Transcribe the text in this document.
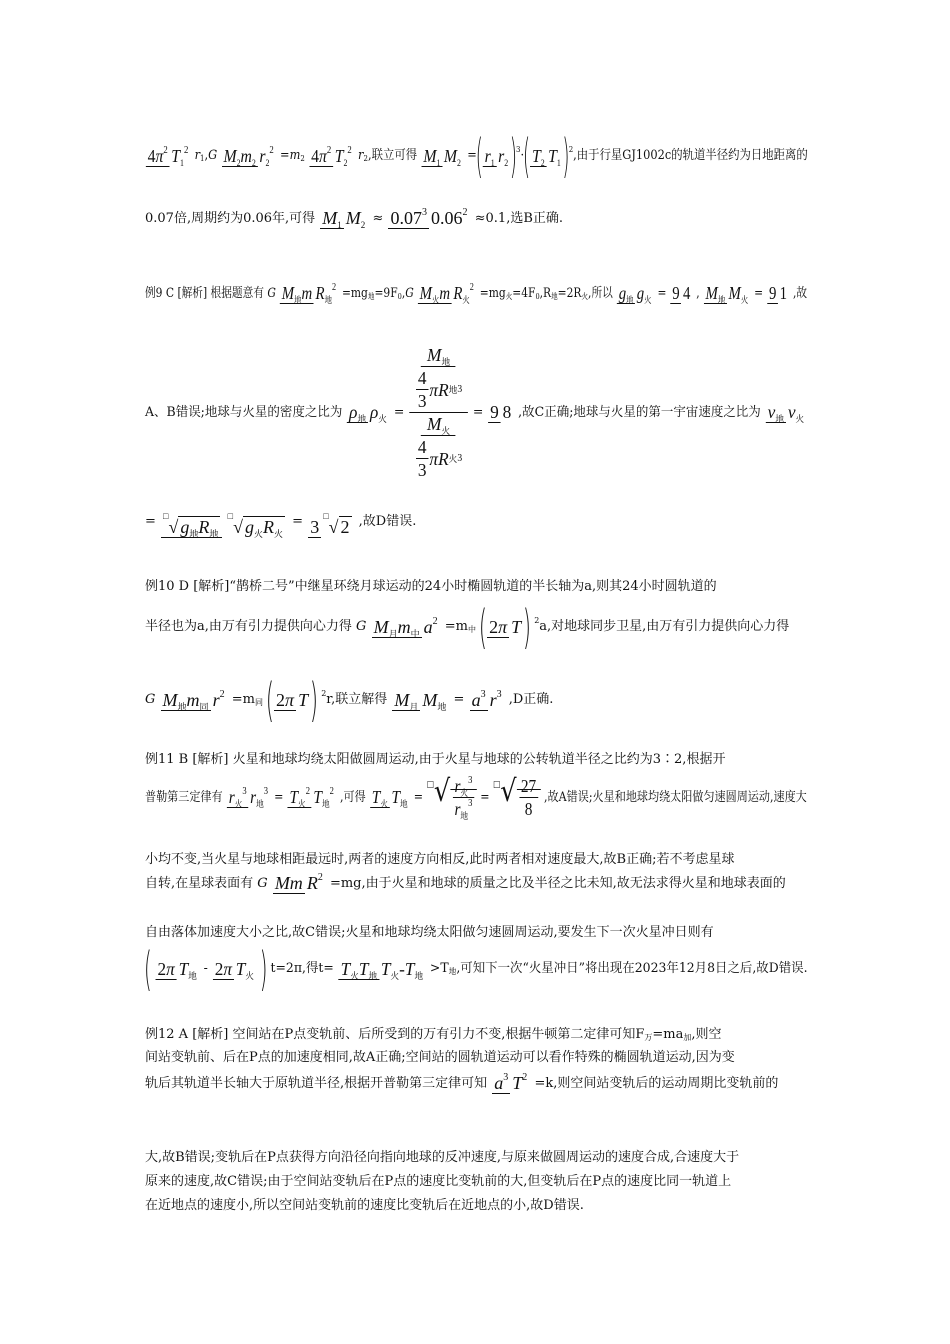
$4\pi^2$ $T_1^2$ $r_1,G$ $M_2m_2$ $r_2^2 =m_2$ $4\pi^2$ $T_2^2$ $r_2$,联立可得 $M_1$ $M_2 =(r_1$ $r_2)^3\cdot(T_2$ $T_1)^2$,由于行星GJ1002c的轨道半径约为日地距离的
0.07倍,周期约为0.06年,可得 $M_1$ $M_2 \approx 0.07^3$ $0.06^2 \approx 0.1$,选B正确.
例9 C [解析] 根据题意有 G $M_地m$ $R_地^2 =mg_地=9F_0,G$ $M_火m$ $R_火^2 =mg_火=4F_0,R_地=2R_火$,所以 $g_地$ $g_火 = 9$ 4 , $M_地$ $M_火 = 9$ 1 ,故
A、B错误;地球与火星的密度之比为 $\rho_地$ $\rho_火$ =
$M_地$
4
3
πR 地 3
$M_火$
4
3
πR 火 3
= 9 8 ,故C正确;地球与火星的第一宇宙速度之比为 $v_地$ $v_火$
= □√ $g_地R_地$ □√ $g_火R_火 = 3^□√$ 2 ,故D错误.
例10 D [解析]“鹊桥二号”中继星环绕月球运动的24小时椭圆轨道的半长轴为a,则其24小时圆轨道的
半径也为a,由万有引力提供向心力得 G $M_月m_中$ $a^2 =m_中$ ( 2π T) $^2$a,对地球同步卫星,由万有引力提供向心力得
G $M_地m_同$ $r^2 =m_同$ ( 2π T) $^2$r,联立解得 $M_月$ $M_地 = a^3$ $r^3$ ,D正确.
例11 B [解析] 火星和地球均绕太阳做圆周运动,由于火星与地球的公转轨道半径之比约为3∶2,根据开
普勒第三定律有 $r_火^3$ $r_地^3 = T_火^2$ $T_地^2$ ,可得 $T_火$ $T_地 = ^□√$ $r_火^3$
$r_地^3 = ^□√ \frac{27}{8}$ ,故A错误;火星和地球均绕太阳做匀速圆周运动,速度大
小均不变,当火星与地球相距最远时,两者的速度方向相反,此时两者相对速度最大,故B正确;若不考虑星球
自转,在星球表面有 G Mm $R^2 =mg$,由于火星和地球的质量之比及半径之比未知,故无法求得火星和地球表面的
自由落体加速度大小之比,故C错误;火星和地球均绕太阳做匀速圆周运动,要发生下一次火星冲日则有
( 2π $T_地 - 2\pi$ $T_火$ ) t=2π,得$t= T_火T_地$ $T_火-T_地 >T_地$,可知下一次“火星冲日”将出现在2023年12月8日之后,故D错误.
例12 A [解析] 空间站在P点变轨前、后所受到的万有引力不变,根据牛顿第二定律可知$F_万=ma_加$,则空
间站变轨前、后在P点的加速度相同,故A正确;空间站的圆轨道运动可以看作特殊的椭圆轨道运动,因为变
轨后其轨道半长轴大于原轨道半径,根据开普勒第三定律可知 $a^3$ $T^2 =k$,则空间站变轨后的运动周期比变轨前的
大,故B错误;变轨后在P点获得方向沿径向指向地球的反冲速度,与原来做圆周运动的速度合成,合速度大于
原来的速度,故C错误;由于空间站变轨后在P点的速度比变轨前的大,但变轨后在P点的速度比同一轨道上
在近地点的速度小,所以空间站变轨前的速度比变轨后在近地点的小,故D错误.
